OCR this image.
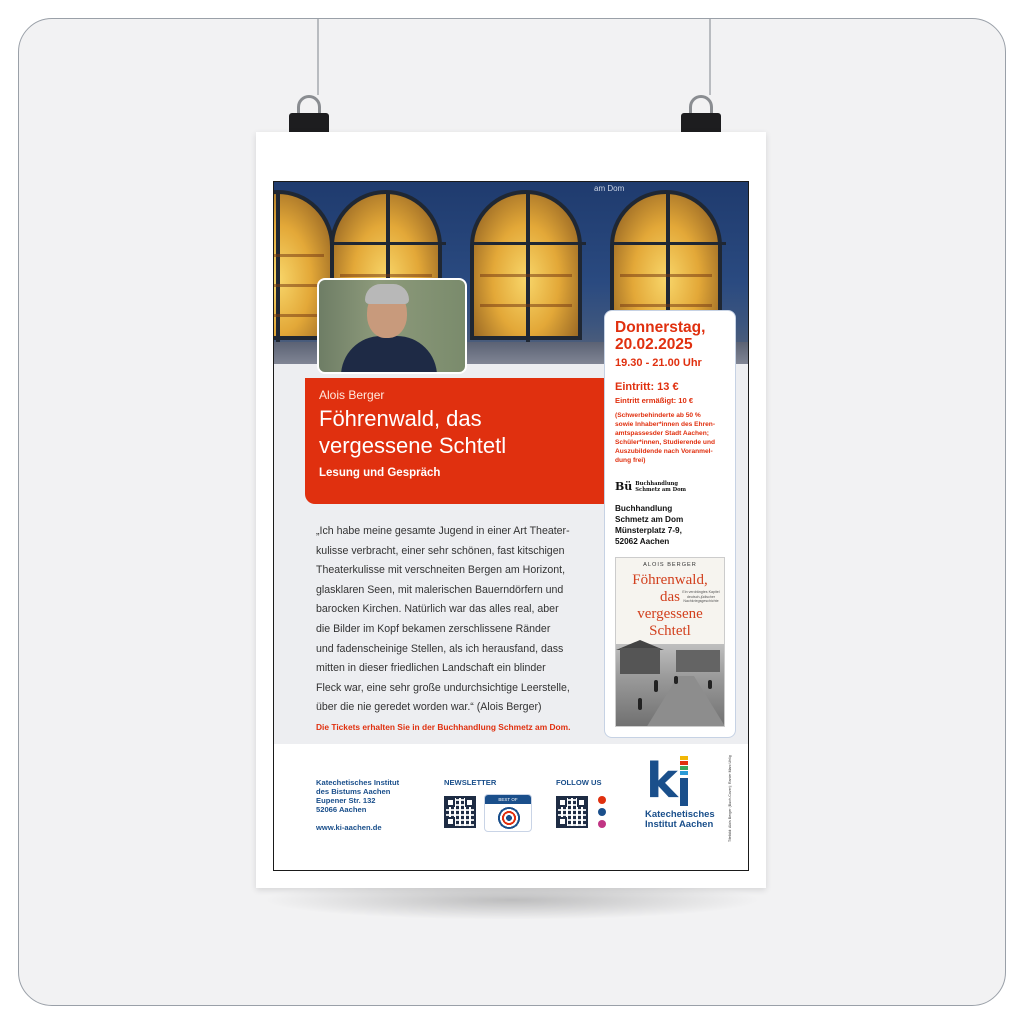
am Dom
Alois Berger
Föhrenwald, das
vergessene Schtetl
Lesung und Gespräch
„Ich habe meine gesamte Jugend in einer Art Theater-
kulisse verbracht, einer sehr schönen, fast kitschigen
Theaterkulisse mit verschneiten Bergen am Horizont,
glasklaren Seen, mit malerischen Bauerndörfern und
barocken Kirchen. Natürlich war das alles real, aber
die Bilder im Kopf bekamen zerschlissene Ränder
und fadenscheinige Stellen, als ich herausfand, dass
mitten in dieser friedlichen Landschaft ein blinder
Fleck war, eine sehr große undurchsichtige Leerstelle,
über die nie geredet worden war.“ (Alois Berger)
Die Tickets erhalten Sie in der Buchhandlung Schmetz am Dom.
Donnerstag,
20.02.2025
19.30 - 21.00 Uhr
Eintritt: 13 €
Eintritt ermäßigt: 10 €
(Schwerbehinderte ab 50 %
sowie Inhaber*innen des Ehren-
amtspassesder Stadt Aachen;
Schüler*innen, Studierende und
Auszubildende nach Voranmel-
dung frei)
Bü Buchhandlung
Schmetz am Dom
Buchhandlung
Schmetz am Dom
Münsterplatz 7-9,
52062 Aachen
ALOIS BERGER
Föhrenwald,
das
vergessene
Schtetl
Ein verdrängtes Kapitel
deutsch-jüdischer
Nachkriegsgeschichte
Katechetisches Institut
des Bistums Aachen
Eupener Str. 132
52066 Aachen
www.ki-aachen.de
NEWSLETTER
BEST OF
FOLLOW US k
Katechetisches
Institut Aachen	Titelbild: Alois Berger (Buch-Cover); Ranier Marc Uhlig
